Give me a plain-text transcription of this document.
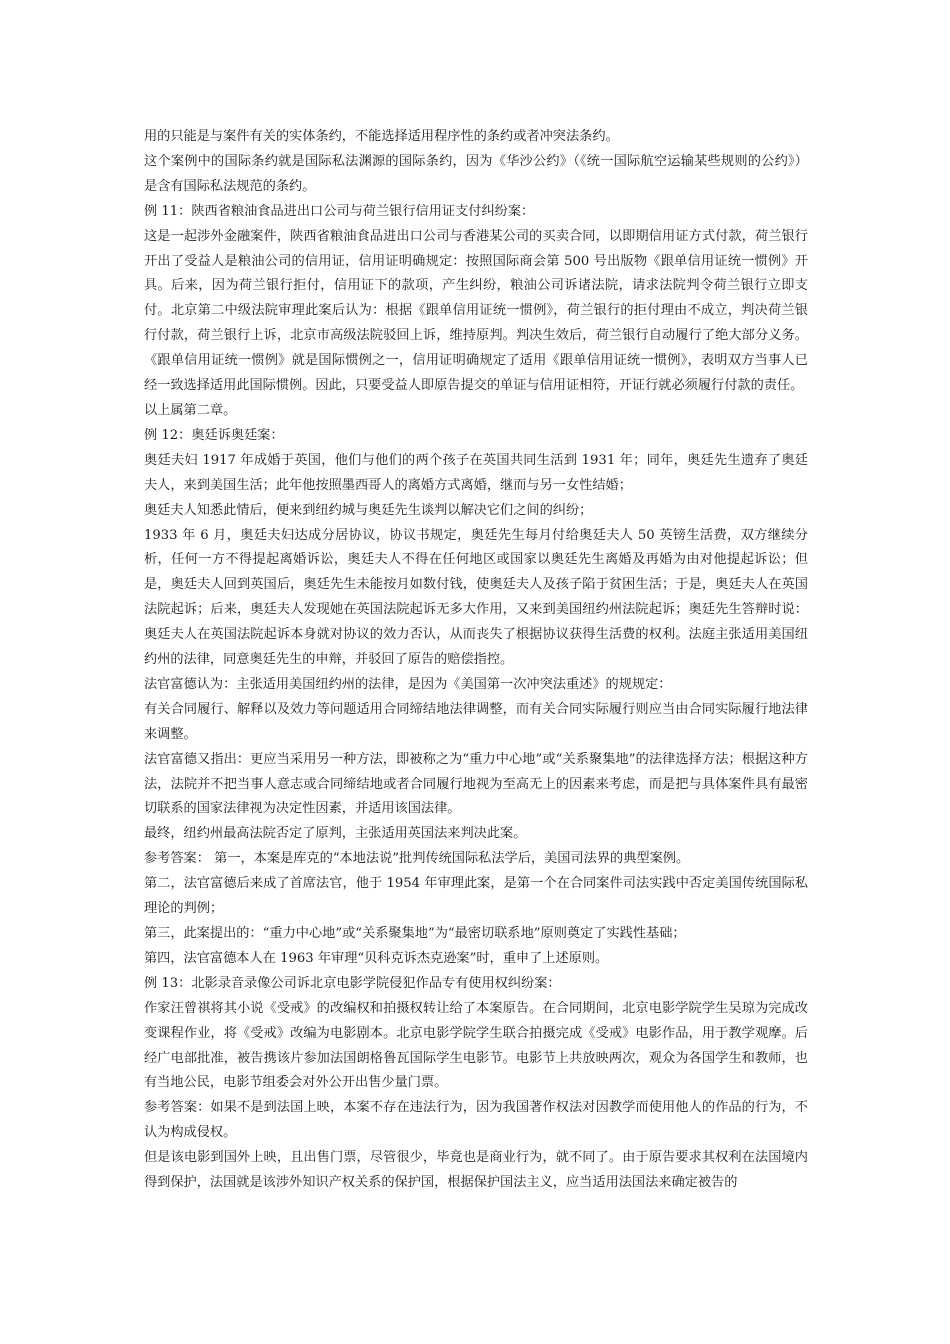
用的只能是与案件有关的实体条约，不能选择适用程序性的条约或者冲突法条约。

这个案例中的国际条约就是国际私法渊源的国际条约，因为《华沙公约》（《统一国际航空运输某些规则的公约》）是含有国际私法规范的条约。

例 11：陕西省粮油食品进出口公司与荷兰银行信用证支付纠纷案：

这是一起涉外金融案件，陕西省粮油食品进出口公司与香港某公司的买卖合同，以即期信用证方式付款，荷兰银行开出了受益人是粮油公司的信用证，信用证明确规定：按照国际商会第 500 号出版物《跟单信用证统一惯例》开具。后来，因为荷兰银行拒付，信用证下的款项，产生纠纷，粮油公司诉诸法院，请求法院判令荷兰银行立即支付。北京第二中级法院审理此案后认为：根据《跟单信用证统一惯例》，荷兰银行的拒付理由不成立，判决荷兰银行付款，荷兰银行上诉，北京市高级法院驳回上诉，维持原判。判决生效后，荷兰银行自动履行了绝大部分义务。《跟单信用证统一惯例》就是国际惯例之一，信用证明确规定了适用《跟单信用证统一惯例》，表明双方当事人已经一致选择适用此国际惯例。因此，只要受益人即原告提交的单证与信用证相符，开证行就必须履行付款的责任。

以上属第二章。

例 12：奥廷诉奥廷案：

奥廷夫妇 1917 年成婚于英国，他们与他们的两个孩子在英国共同生活到 1931 年；同年，奥廷先生遗弃了奥廷夫人，来到美国生活；此年他按照墨西哥人的离婚方式离婚，继而与另一女性结婚；

奥廷夫人知悉此情后，便来到纽约城与奥廷先生谈判以解决它们之间的纠纷；

1933 年 6 月，奥廷夫妇达成分居协议，协议书规定，奥廷先生每月付给奥廷夫人 50 英镑生活费，双方继续分析，任何一方不得提起离婚诉讼，奥廷夫人不得在任何地区或国家以奥廷先生离婚及再婚为由对他提起诉讼；但是，奥廷夫人回到英国后，奥廷先生未能按月如数付钱，使奥廷夫人及孩子陷于贫困生活；于是，奥廷夫人在英国法院起诉；后来，奥廷夫人发现她在英国法院起诉无多大作用，又来到美国纽约州法院起诉；奥廷先生答辩时说：奥廷夫人在英国法院起诉本身就对协议的效力否认，从而丧失了根据协议获得生活费的权利。法庭主张适用美国纽约州的法律，同意奥廷先生的申辩，并驳回了原告的赔偿指控。

法官富德认为：主张适用美国纽约州的法律，是因为《美国第一次冲突法重述》的规规定：

有关合同履行、解释以及效力等问题适用合同缔结地法律调整，而有关合同实际履行则应当由合同实际履行地法律来调整。

法官富德又指出：更应当采用另一种方法，即被称之为“重力中心地”或“关系聚集地”的法律选择方法；根据这种方法，法院并不把当事人意志或合同缔结地或者合同履行地视为至高无上的因素来考虑，而是把与具体案件具有最密切联系的国家法律视为决定性因素，并适用该国法律。

最终，纽约州最高法院否定了原判，主张适用英国法来判决此案。

参考答案： 第一，本案是库克的“本地法说”批判传统国际私法学后，美国司法界的典型案例。

第二，法官富德后来成了首席法官，他于 1954 年审理此案，是第一个在合同案件司法实践中否定美国传统国际私理论的判例；

第三，此案提出的：“重力中心地”或“关系聚集地”为“最密切联系地”原则奠定了实践性基础；

第四，法官富德本人在 1963 年审理“贝科克诉杰克逊案”时，重申了上述原则。

例 13：北影录音录像公司诉北京电影学院侵犯作品专有使用权纠纷案：

作家汪曾祺将其小说《受戒》的改编权和拍摄权转让给了本案原告。在合同期间，北京电影学院学生吴琼为完成改变课程作业，将《受戒》改编为电影剧本。北京电影学院学生联合拍摄完成《受戒》电影作品，用于教学观摩。后经广电部批准，被告携该片参加法国朗格鲁瓦国际学生电影节。电影节上共放映两次，观众为各国学生和教师，也有当地公民，电影节组委会对外公开出售少量门票。

参考答案：如果不是到法国上映，本案不存在违法行为，因为我国著作权法对因教学而使用他人的作品的行为，不认为构成侵权。

但是该电影到国外上映，且出售门票，尽管很少，毕竟也是商业行为，就不同了。由于原告要求其权利在法国境内得到保护，法国就是该涉外知识产权关系的保护国，根据保护国法主义，应当适用法国法来确定被告的
